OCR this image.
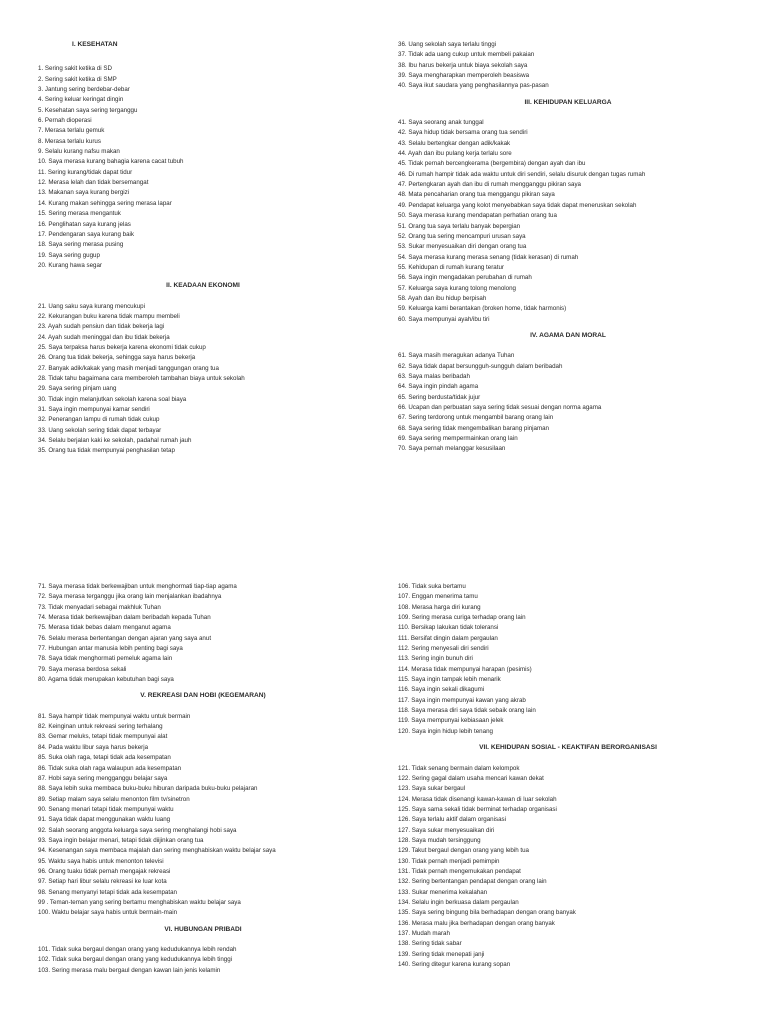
I. KESEHATAN
1. Sering sakit ketika di SD
2. Sering sakit ketika di SMP
3. Jantung sering berdebar-debar
4. Sering keluar keringat dingin
5. Kesehatan saya sering terganggu
6. Pernah dioperasi
7. Merasa terlalu gemuk
8. Merasa terlalu kurus
9. Selalu kurang nafsu makan
10. Saya merasa kurang bahagia karena cacat tubuh
11. Sering kurang/tidak dapat tidur
12. Merasa lelah dan tidak bersemangat
13. Makanan saya kurang bergizi
14. Kurang makan sehingga sering merasa lapar
15. Sering merasa mengantuk
16. Penglihatan saya kurang jelas
17. Pendengaran saya kurang baik
18. Saya sering merasa pusing
19. Saya sering gugup
20. Kurang hawa segar
II. KEADAAN EKONOMI
21. Uang saku saya kurang mencukupi
22. Kekurangan buku karena tidak mampu membeli
23. Ayah sudah pensiun dan tidak bekerja lagi
24. Ayah sudah meninggal dan ibu tidak bekerja
25. Saya terpaksa harus bekerja karena ekonomi tidak cukup
26. Orang tua tidak bekerja, sehingga saya harus bekerja
27. Banyak adik/kakak yang masih menjadi tanggungan orang tua
28. Tidak tahu bagaimana cara memberoleh tambahan biaya untuk sekolah
29. Saya sering pinjam uang
30. Tidak ingin melanjutkan sekolah karena soal biaya
31. Saya ingin mempunyai kamar sendiri
32. Penerangan lampu di rumah tidak cukup
33. Uang sekolah sering tidak dapat terbayar
34. Selalu berjalan kaki ke sekolah, padahal rumah jauh
35. Orang tua tidak mempunyai penghasilan tetap
36. Uang sekolah saya terlalu tinggi
37. Tidak ada uang cukup untuk membeli pakaian
38. Ibu harus bekerja untuk biaya sekolah saya
39. Saya mengharapkan memperoleh beasiswa
40. Saya ikut saudara yang penghasilannya pas-pasan
III. KEHIDUPAN KELUARGA
41. Saya seorang anak tunggal
42. Saya hidup tidak bersama orang tua sendiri
43. Selalu bertengkar dengan adik/kakak
44. Ayah dan ibu pulang kerja terlalu sore
45. Tidak pernah bercengkerama (bergembira) dengan ayah dan ibu
46. Di rumah hampir tidak ada waktu untuk diri sendiri, selalu disuruk dengan tugas rumah
47. Pertengkaran ayah dan ibu di rumah mengganggu pikiran saya
48. Mata pencaharian orang tua menggangu pikiran saya
49. Pendapat keluarga yang kolot menyebabkan saya tidak dapat meneruskan sekolah
50. Saya merasa kurang mendapatan perhatian orang tua
51. Orang tua saya terlalu banyak bepergian
52. Orang tua sering mencampuri urusan saya
53. Sukar menyesuaikan diri dengan orang tua
54. Saya merasa kurang merasa senang (tidak kerasan) di rumah
55. Kehidupan di rumah kurang teratur
56. Saya ingin mengadakan perubahan di rumah
57. Keluarga saya kurang tolong menolong
58. Ayah dan ibu hidup berpisah
59. Keluarga kami berantakan (broken home, tidak harmonis)
60. Saya mempunyai ayah/ibu tiri
IV. AGAMA DAN MORAL
61. Saya masih meragukan adanya Tuhan
62. Saya tidak dapat bersungguh-sungguh dalam beribadah
63. Saya malas beribadah
64. Saya ingin pindah agama
65. Sering berdusta/tidak jujur
66. Ucapan dan perbuatan saya sering tidak sesuai dengan norma agama
67. Sering terdorong untuk mengambil barang orang lain
68. Saya sering tidak mengembalikan barang pinjaman
69. Saya sering mempermainkan orang lain
70. Saya pernah melanggar kesusilaan
71. Saya merasa tidak berkewajiban untuk menghormati tiap-tiap agama
72. Saya merasa terganggu jika orang lain menjalankan ibadahnya
73. Tidak menyadari sebagai makhluk Tuhan
74. Merasa tidak berkewajiban dalam beribadah kepada Tuhan
75. Merasa tidak bebas dalam menganut agama
76. Selalu merasa bertentangan dengan ajaran yang saya anut
77. Hubungan antar manusia lebih penting bagi saya
78. Saya tidak menghormati pemeluk agama lain
79. Saya merasa berdosa sekali
80. Agama tidak merupakan kebutuhan bagi saya
V. REKREASI DAN HOBI (KEGEMARAN)
81. Saya hampir tidak mempunyai waktu untuk bermain
82. Keinginan untuk rekreasi sering terhalang
83. Gemar meluks, tetapi tidak mempunyai alat
84. Pada waktu libur saya harus bekerja
85. Suka olah raga, tetapi tidak ada kesempatan
86. Tidak suka olah raga walaupun ada kesempatan
87. Hobi saya sering mengganggu belajar saya
88. Saya lebih suka membaca buku-buku hiburan daripada buku-buku pelajaran
89. Setiap malam saya selalu menonton film tv/sinetron
90. Senang menari tetapi tidak mempunyai waktu
91. Saya tidak dapat menggunakan waktu luang
92. Salah seorang anggota keluarga saya sering menghalangi hobi saya
93. Saya ingin belajar menari, tetapi tidak diijinkan orang tua
94. Kesenangan saya membaca majalah dan sering menghabiskan waktu belajar saya
95. Waktu saya habis untuk menonton televisi
96. Orang tuaku tidak pernah mengajak rekreasi
97. Setiap hari libur selalu rekreasi ke luar kota
98. Senang menyanyi tetapi tidak ada kesempatan
99 . Teman-teman yang sering bertamu menghabiskan waktu belajar saya
100. Waktu belajar saya habis untuk bermain-main
VI. HUBUNGAN PRIBADI
101. Tidak suka bergaul dengan orang yang kedudukannya lebih rendah
102. Tidak suka bergaul dengan orang yang kedudukannya lebih tinggi
103. Sering merasa malu bergaul dengan kawan lain jenis kelamin
106. Tidak suka bertamu
107. Enggan menerima tamu
108. Merasa harga diri kurang
109. Sering merasa curiga terhadap orang lain
110. Bersikap lakukan tidak toleransi
111. Bersifat dingin dalam pergaulan
112. Sering menyesali diri sendiri
113. Sering ingin bunuh diri
114. Merasa tidak mempunyai harapan (pesimis)
115. Saya ingin tampak lebih menarik
116. Saya ingin sekali dikagumi
117. Saya ingin mempunyai kawan yang akrab
118. Saya merasa diri saya tidak sebaik orang lain
119. Saya mempunyai kebiasaan jelek
120. Saya ingin hidup lebih tenang
VII. KEHIDUPAN SOSIAL - KEAKTIFAN BERORGANISASI
121. Tidak senang bermain dalam kelompok
122. Sering gagal dalam usaha mencari kawan dekat
123. Saya sukar bergaul
124. Merasa tidak disenangi kawan-kawan di luar sekolah
125. Saya sama sekali tidak berminat terhadap organisasi
126. Saya terlalu aktif dalam organisasi
127. Saya sukar menyesuaikan diri
128. Saya mudah tersinggung
129. Takut bergaul dengan orang yang lebih tua
130. Tidak pernah menjadi pemimpin
131. Tidak pernah mengemukakan pendapat
132. Sering bertentangan pendapat dengan orang lain
133. Sukar menerima kekalahan
134. Selalu ingin berkuasa dalam pergaulan
135. Saya sering bingung bila berhadapan dengan orang banyak
136. Merasa malu jika berhadapan dengan orang banyak
137. Mudah marah
138. Sering tidak sabar
139. Sering tidak menepati janji
140. Sering ditegur karena kurang sopan
